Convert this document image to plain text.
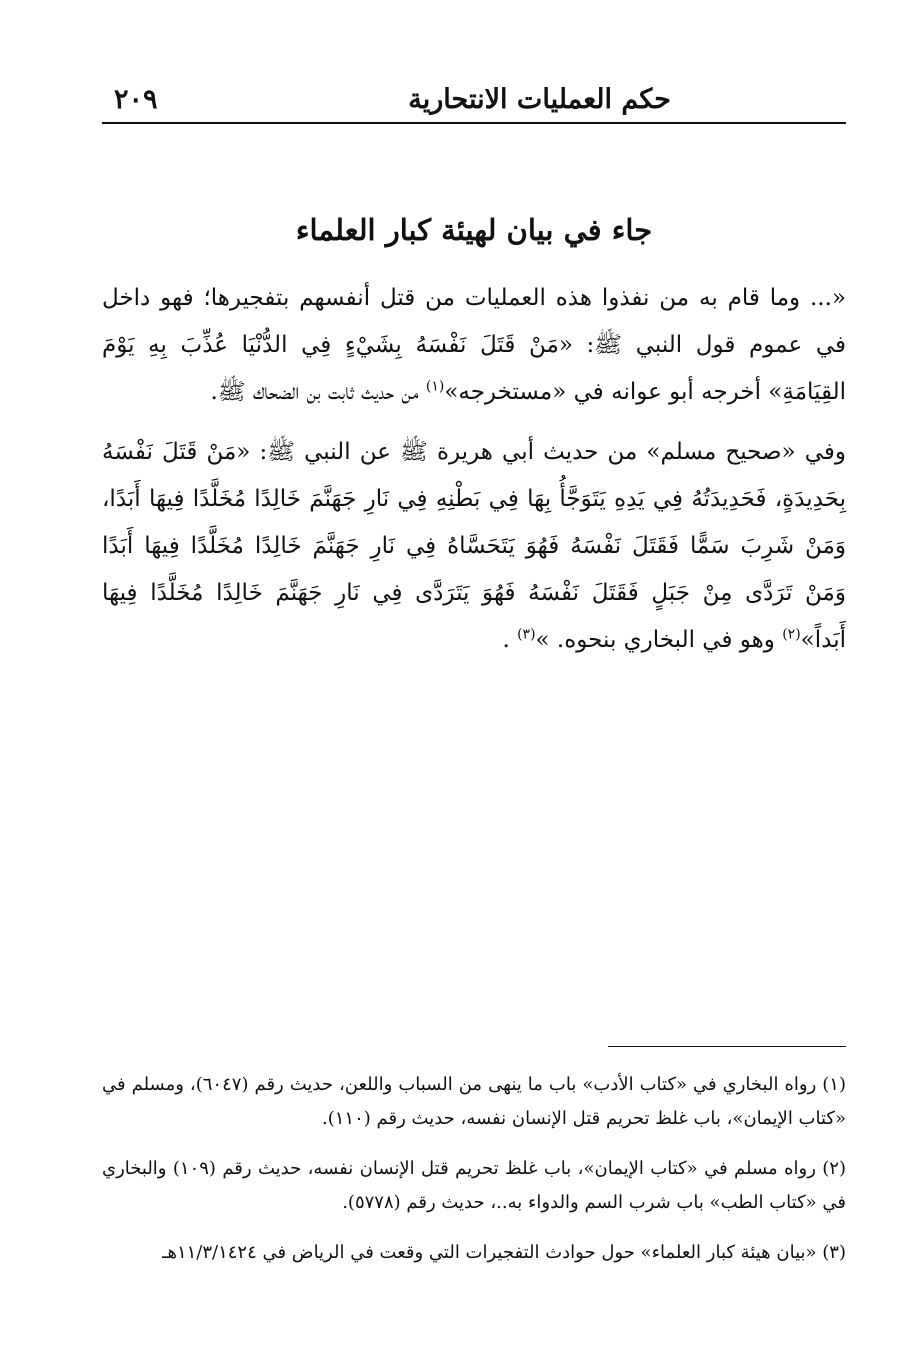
حكم العمليات الانتحارية
٢٠٩
جاء في بيان لهيئة كبار العلماء

«... وما قام به من نفذوا هذه العمليات من قتل أنفسهم بتفجيرها؛ فهو داخل في عموم قول النبي ﷺ: «مَنْ قَتَلَ نَفْسَهُ بِشَيْءٍ فِي الدُّنْيَا عُذِّبَ بِهِ يَوْمَ القِيَامَةِ» أخرجه أبو عوانه في «مستخرجه»$^{(١)}$ من حديث ثابت بن الضحاك ﷺ.

وفي «صحيح مسلم» من حديث أبي هريرة ﷺ عن النبي ﷺ: «مَنْ قَتَلَ نَفْسَهُ بِحَدِيدَةٍ، فَحَدِيدَتُهُ فِي يَدِهِ يَتَوَجَّأُ بِهَا فِي بَطْنِهِ فِي نَارِ جَهَنَّمَ خَالِدًا مُخَلَّدًا فِيهَا أَبَدًا، وَمَنْ شَرِبَ سَمًّا فَقَتَلَ نَفْسَهُ فَهُوَ يَتَحَسَّاهُ فِي نَارِ جَهَنَّمَ خَالِدًا مُخَلَّدًا فِيهَا أَبَدًا وَمَنْ تَرَدَّى مِنْ جَبَلٍ فَقَتَلَ نَفْسَهُ فَهُوَ يَتَرَدَّى فِي نَارِ جَهَنَّمَ خَالِدًا مُخَلَّدًا فِيهَا أَبَداً»$^{(٢)}$ وهو في البخاري بنحوه. »$^{(٣)}$ .

(١) رواه البخاري في «كتاب الأدب» باب ما ينهى من السباب واللعن، حديث رقم (٦٠٤٧)، ومسلم في «كتاب الإيمان»، باب غلظ تحريم قتل الإنسان نفسه، حديث رقم (١١٠).

(٢) رواه مسلم في «كتاب الإيمان»، باب غلظ تحريم قتل الإنسان نفسه، حديث رقم (١٠٩) والبخاري في «كتاب الطب» باب شرب السم والدواء به..، حديث رقم (٥٧٧٨).

(٣) «بيان هيئة كبار العلماء» حول حوادث التفجيرات التي وقعت في الرياض في ١١/٣/١٤٢٤هـ
